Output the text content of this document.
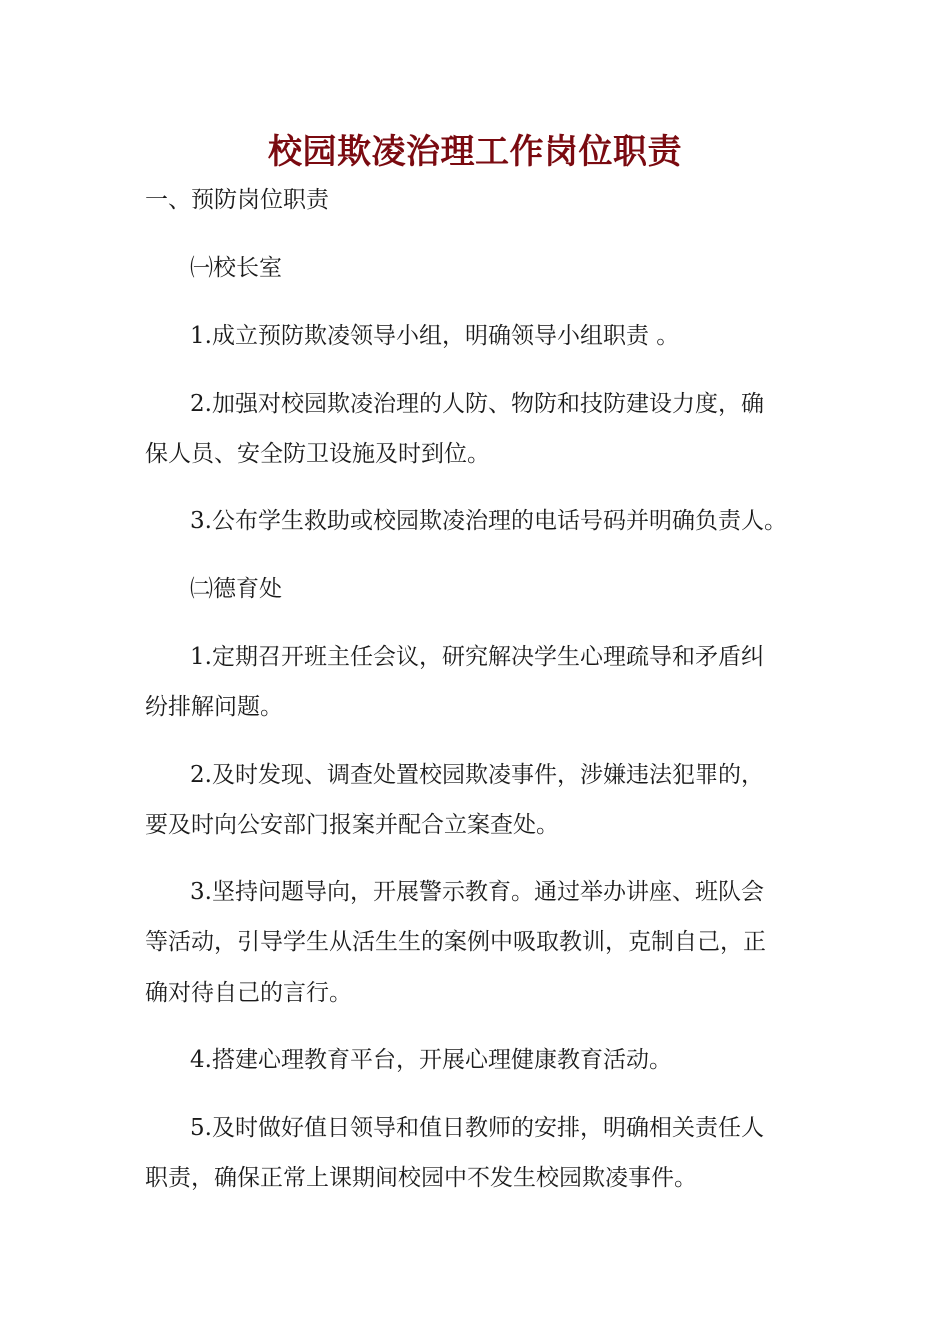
校园欺凌治理工作岗位职责
一、预防岗位职责
㈠校长室
1.成立预防欺凌领导小组，明确领导小组职责 。
2.加强对校园欺凌治理的人防、物防和技防建设力度，确
保人员、安全防卫设施及时到位。
3.公布学生救助或校园欺凌治理的电话号码并明确负责人。
㈡德育处
1.定期召开班主任会议，研究解决学生心理疏导和矛盾纠
纷排解问题。
2.及时发现、调查处置校园欺凌事件，涉嫌违法犯罪的，
要及时向公安部门报案并配合立案查处。
3.坚持问题导向，开展警示教育。通过举办讲座、班队会
等活动，引导学生从活生生的案例中吸取教训，克制自己，正
确对待自己的言行。
4.搭建心理教育平台，开展心理健康教育活动。
5.及时做好值日领导和值日教师的安排，明确相关责任人
职责，确保正常上课期间校园中不发生校园欺凌事件。
